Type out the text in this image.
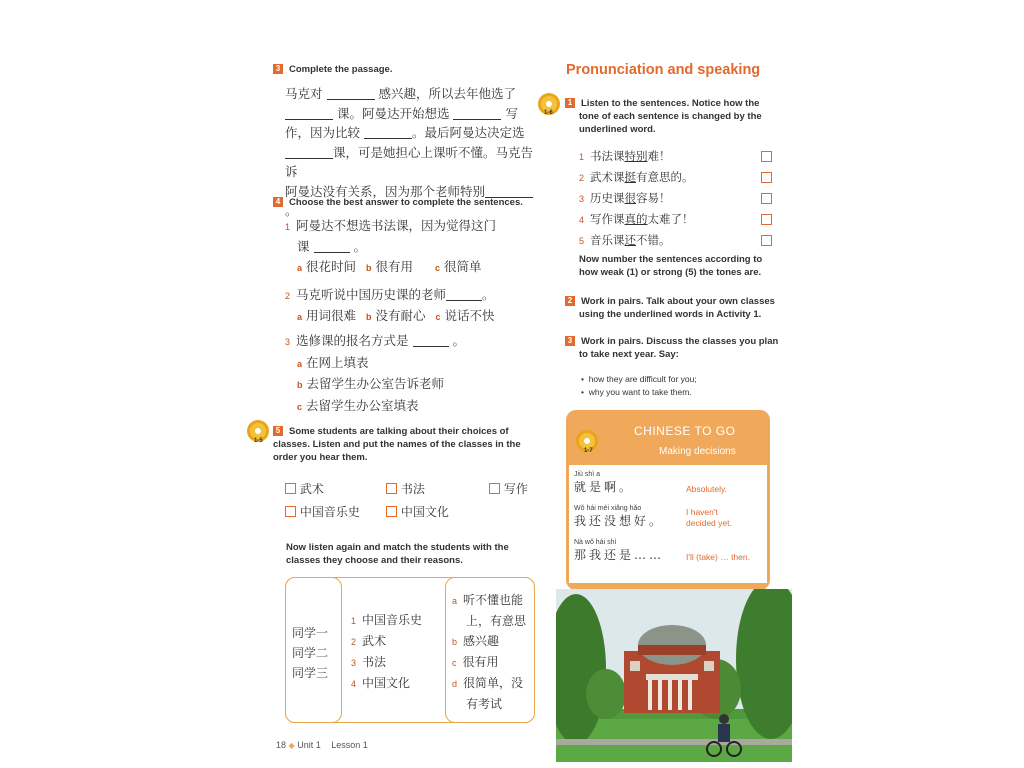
3 Complete the passage.
马克对	感兴趣，所以去年他选了
课。阿曼达开始想选	写
作，因为比较	。最后阿曼达决定选
课，可是她担心上课听不懂。马克告诉
阿曼达没有关系，因为那个老师特别。
4 Choose the best answer to complete the sentences.
1 阿曼达不想选书法课，因为觉得这门
课	。
a 很花时间 b 很有用 c 很简单
2 马克听说中国历史课的老师	。
a 用词很难 b 没有耐心 c 说话不快
3 选修课的报名方式是	。
a 在网上填表
b 去留学生办公室告诉老师
c 去留学生办公室填表
1-5
5 Some students are talking about their choices of
classes. Listen and put the names of the classes in the
order you hear them.
武术	书法	写作
中国音乐史	中国文化
Now listen again and match the students with the
classes they choose and their reasons.
同学一
同学二
同学三
1 中国音乐史
2 武术
3 书法
4 中国文化
a 听不懂也能
上，有意思
b 感兴趣
c 很有用
d 很简单，没
有考试
18 ◆ Unit 1 Lesson 1
Pronunciation and speaking
1-6
1 Listen to the sentences. Notice how the
tone of each sentence is changed by the
underlined word.
1 书法课特别难！
2 武术课挺有意思的。
3 历史课很容易！
4 写作课真的太难了！
5 音乐课还不错。
Now number the sentences according to
how weak (1) or strong (5) the tones are.
2 Work in pairs. Talk about your own classes
using the underlined words in Activity 1.
3 Work in pairs. Discuss the classes you plan
to take next year. Say:
•  how they are difficult for you;
•  why you want to take them.
1-7
CHINESE TO GO
Making decisions
Jiù shì a
就是啊。	Absolutely.
Wǒ hái méi xiǎng hǎo
我还没想好。
I haven't
decided yet.
Nà wǒ hái shì
那我还是……	I'll (take) … then.
